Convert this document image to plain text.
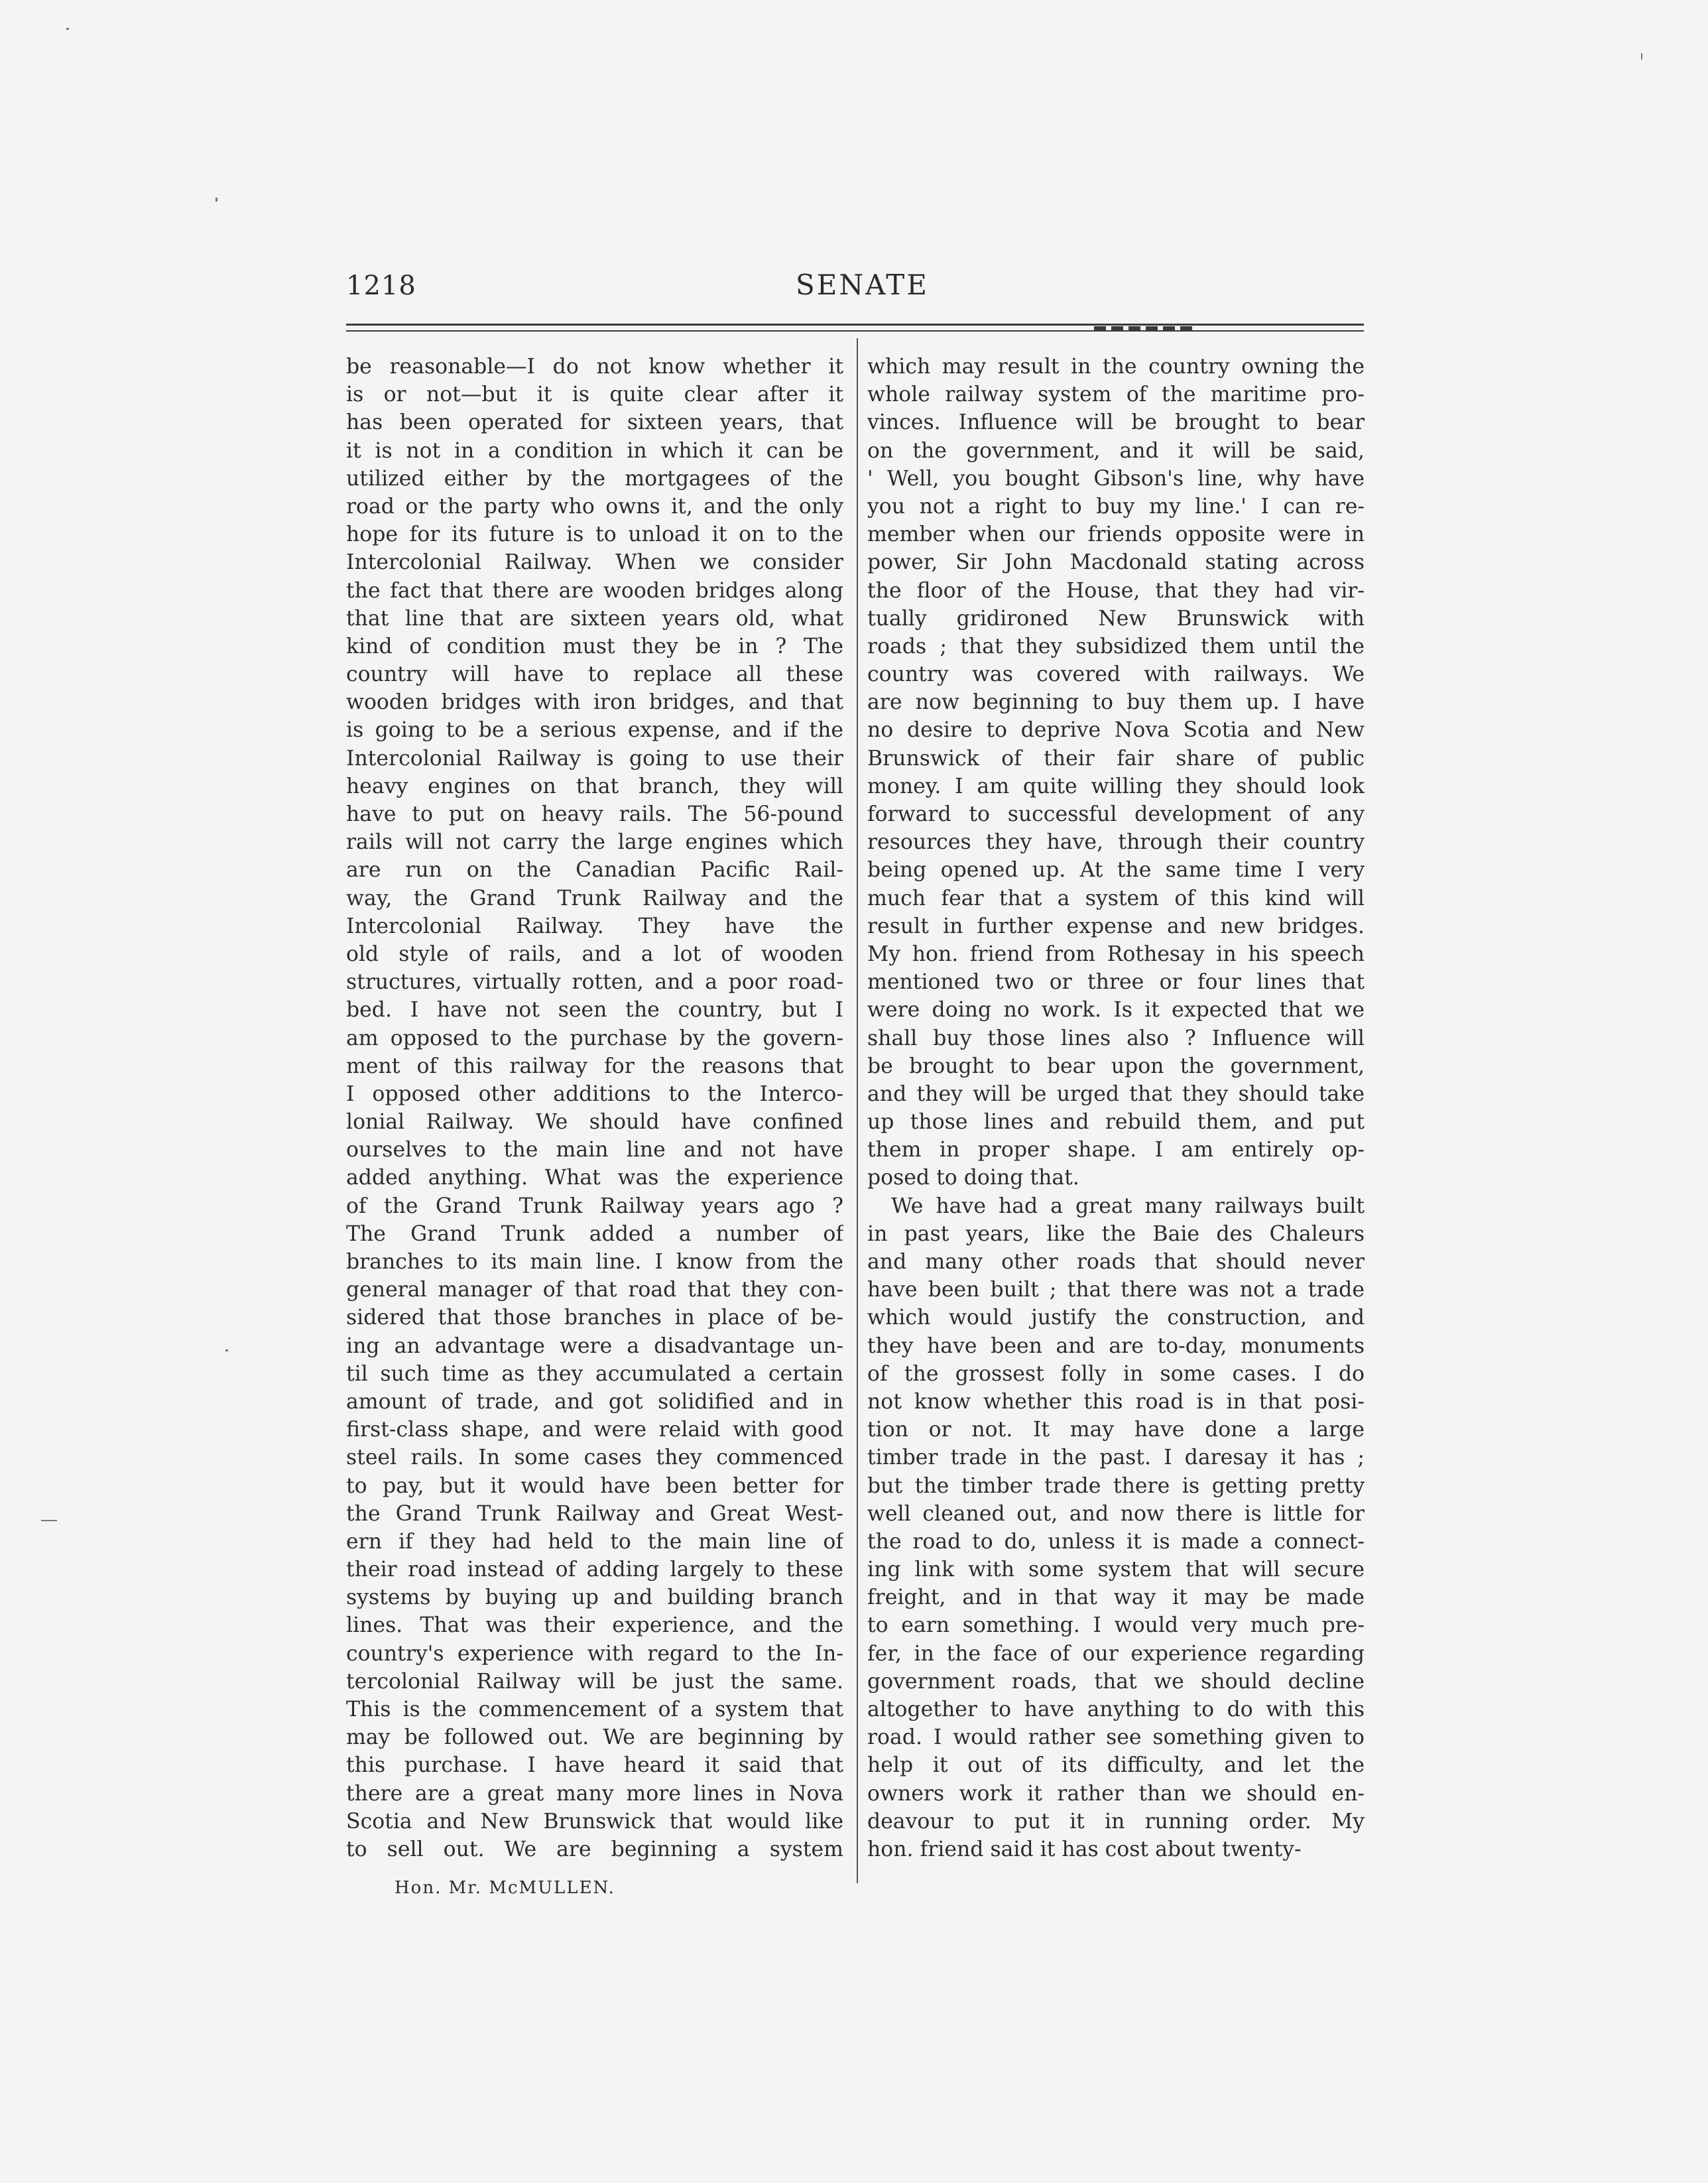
1218	SENATE
be reasonable—I do not know whether it
is or not—but it is quite clear after it
has been operated for sixteen years, that
it is not in a condition in which it can be
utilized either by the mortgagees of the
road or the party who owns it, and the only
hope for its future is to unload it on to the
Intercolonial Railway. When we consider
the fact that there are wooden bridges along
that line that are sixteen years old, what
kind of condition must they be in ? The
country will have to replace all these
wooden bridges with iron bridges, and that
is going to be a serious expense, and if the
Intercolonial Railway is going to use their
heavy engines on that branch, they will
have to put on heavy rails. The 56-pound
rails will not carry the large engines which
are run on the Canadian Pacific Rail-
way, the Grand Trunk Railway and the
Intercolonial Railway. They have the
old style of rails, and a lot of wooden
structures, virtually rotten, and a poor road-
bed. I have not seen the country, but I
am opposed to the purchase by the govern-
ment of this railway for the reasons that
I opposed other additions to the Interco-
lonial Railway. We should have confined
ourselves to the main line and not have
added anything. What was the experience
of the Grand Trunk Railway years ago ?
The Grand Trunk added a number of
branches to its main line. I know from the
general manager of that road that they con-
sidered that those branches in place of be-
ing an advantage were a disadvantage un-
til such time as they accumulated a certain
amount of trade, and got solidified and in
first-class shape, and were relaid with good
steel rails. In some cases they commenced
to pay, but it would have been better for
the Grand Trunk Railway and Great West-
ern if they had held to the main line of
their road instead of adding largely to these
systems by buying up and building branch
lines. That was their experience, and the
country's experience with regard to the In-
tercolonial Railway will be just the same.
This is the commencement of a system that
may be followed out. We are beginning by
this purchase. I have heard it said that
there are a great many more lines in Nova
Scotia and New Brunswick that would like
to sell out. We are beginning a system
which may result in the country owning the
whole railway system of the maritime pro-
vinces. Influence will be brought to bear
on the government, and it will be said,
' Well, you bought Gibson's line, why have
you not a right to buy my line.' I can re-
member when our friends opposite were in
power, Sir John Macdonald stating across
the floor of the House, that they had vir-
tually gridironed New Brunswick with
roads ; that they subsidized them until the
country was covered with railways. We
are now beginning to buy them up. I have
no desire to deprive Nova Scotia and New
Brunswick of their fair share of public
money. I am quite willing they should look
forward to successful development of any
resources they have, through their country
being opened up. At the same time I very
much fear that a system of this kind will
result in further expense and new bridges.
My hon. friend from Rothesay in his speech
mentioned two or three or four lines that
were doing no work. Is it expected that we
shall buy those lines also ? Influence will
be brought to bear upon the government,
and they will be urged that they should take
up those lines and rebuild them, and put
them in proper shape. I am entirely op-
posed to doing that.
We have had a great many railways built
in past years, like the Baie des Chaleurs
and many other roads that should never
have been built ; that there was not a trade
which would justify the construction, and
they have been and are to-day, monuments
of the grossest folly in some cases. I do
not know whether this road is in that posi-
tion or not. It may have done a large
timber trade in the past. I daresay it has ;
but the timber trade there is getting pretty
well cleaned out, and now there is little for
the road to do, unless it is made a connect-
ing link with some system that will secure
freight, and in that way it may be made
to earn something. I would very much pre-
fer, in the face of our experience regarding
government roads, that we should decline
altogether to have anything to do with this
road. I would rather see something given to
help it out of its difficulty, and let the
owners work it rather than we should en-
deavour to put it in running order. My
hon. friend said it has cost about twenty-
Hon. Mr. McMULLEN.
